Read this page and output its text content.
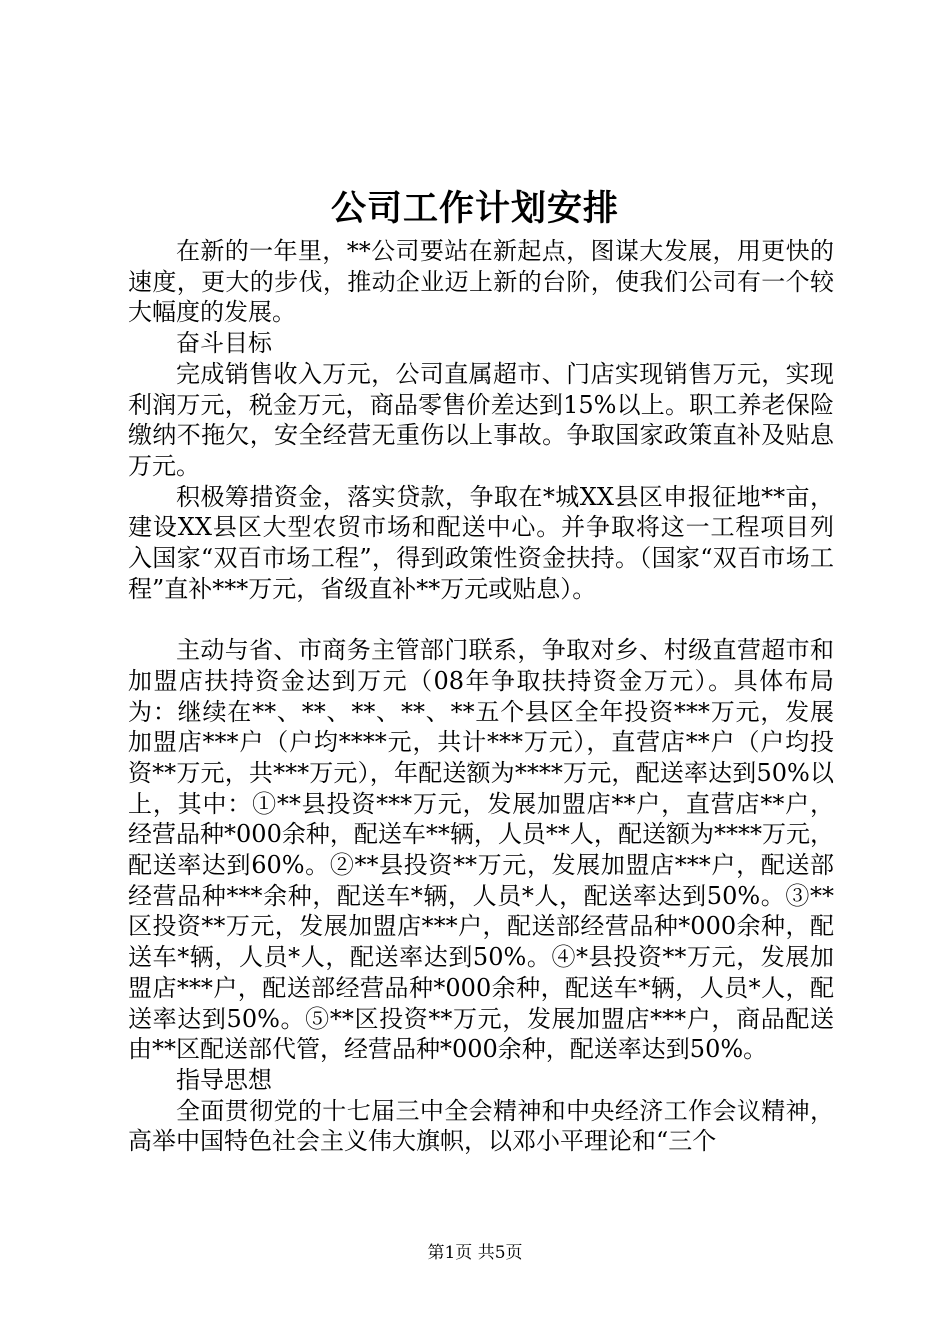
公司工作计划安排

在新的一年里，**公司要站在新起点，图谋大发展，用更快的速度，更大的步伐，推动企业迈上新的台阶，使我们公司有一个较大幅度的发展。

奋斗目标

完成销售收入万元，公司直属超市、门店实现销售万元，实现利润万元，税金万元，商品零售价差达到15%以上。职工养老保险缴纳不拖欠，安全经营无重伤以上事故。争取国家政策直补及贴息万元。

积极筹措资金，落实贷款，争取在*城XX县区申报征地**亩，建设XX县区大型农贸市场和配送中心。并争取将这一工程项目列入国家“双百市场工程”，得到政策性资金扶持。（国家“双百市场工程”直补***万元，省级直补**万元或贴息）。

主动与省、市商务主管部门联系，争取对乡、村级直营超市和加盟店扶持资金达到万元（08年争取扶持资金万元）。具体布局为：继续在**、**、**、**、**五个县区全年投资***万元，发展加盟店***户（户均****元，共计***万元），直营店**户（户均投资**万元，共***万元），年配送额为****万元，配送率达到50%以上，其中：①**县投资***万元，发展加盟店**户，直营店**户，经营品种*000余种，配送车**辆，人员**人，配送额为****万元，配送率达到60%。②**县投资**万元，发展加盟店***户，配送部经营品种***余种，配送车*辆，人员*人，配送率达到50%。③**区投资**万元，发展加盟店***户，配送部经营品种*000余种，配送车*辆，人员*人，配送率达到50%。④*县投资**万元，发展加盟店***户，配送部经营品种*000余种，配送车*辆，人员*人，配送率达到50%。⑤**区投资**万元，发展加盟店***户，商品配送由**区配送部代管，经营品种*000余种，配送率达到50%。

指导思想

全面贯彻党的十七届三中全会精神和中央经济工作会议精神，高举中国特色社会主义伟大旗帜，以邓小平理论和“三个

第1页 共5页
